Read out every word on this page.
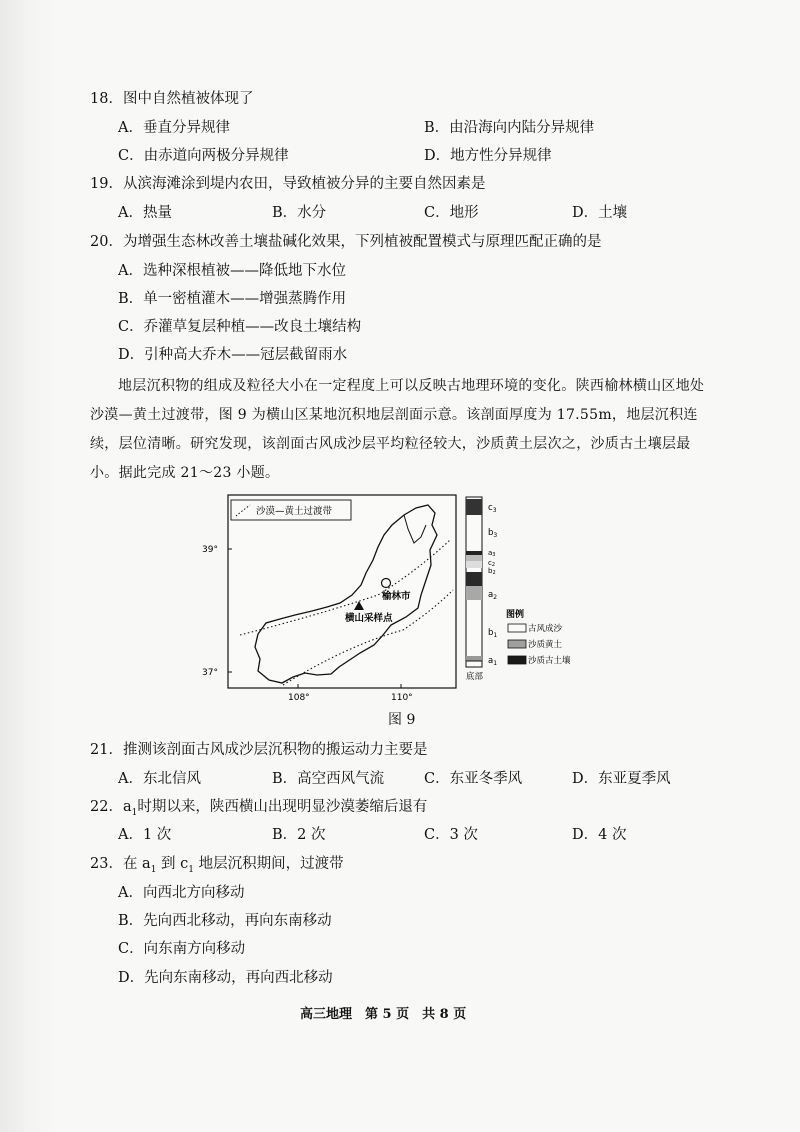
18．图中自然植被体现了
A．垂直分异规律	B．由沿海向内陆分异规律
C．由赤道向两极分异规律	D．地方性分异规律
19．从滨海滩涂到堤内农田，导致植被分异的主要自然因素是
A．热量	B．水分	C．地形	D．土壤
20．为增强生态林改善土壤盐碱化效果，下列植被配置模式与原理匹配正确的是
A．选种深根植被——降低地下水位
B．单一密植灌木——增强蒸腾作用
C．乔灌草复层种植——改良土壤结构
D．引种高大乔木——冠层截留雨水
地层沉积物的组成及粒径大小在一定程度上可以反映古地理环境的变化。陕西榆林横山区地处沙漠—黄土过渡带，图 9 为横山区某地沉积地层剖面示意。该剖面厚度为 17.55m，地层沉积连续，层位清晰。研究发现，该剖面古风成沙层平均粒径较大，沙质黄土层次之，沙质古土壤层最小。据此完成 21～23 小题。
沙漠—黄土过渡带
39°
37°
108°	110°
榆林市
横山采样点
$c_3$
$b_3$
a3
c2
b2
$a_2$
$b_1$
$a_1$
底部
图例
古风成沙
沙质黄土
沙质古土壤
图 9
21．推测该剖面古风成沙层沉积物的搬运动力主要是
A．东北信风	B．高空西风气流	C．东亚冬季风	D．东亚夏季风
22．$a_1$时期以来，陕西横山出现明显沙漠萎缩后退有
A．1 次	B．2 次	C．3 次	D．4 次
23．在 $a_1$ 到 $c_1$ 地层沉积期间，过渡带
A．向西北方向移动
B．先向西北移动，再向东南移动
C．向东南方向移动
D．先向东南移动，再向西北移动
高三地理　第 5 页　共 8 页
